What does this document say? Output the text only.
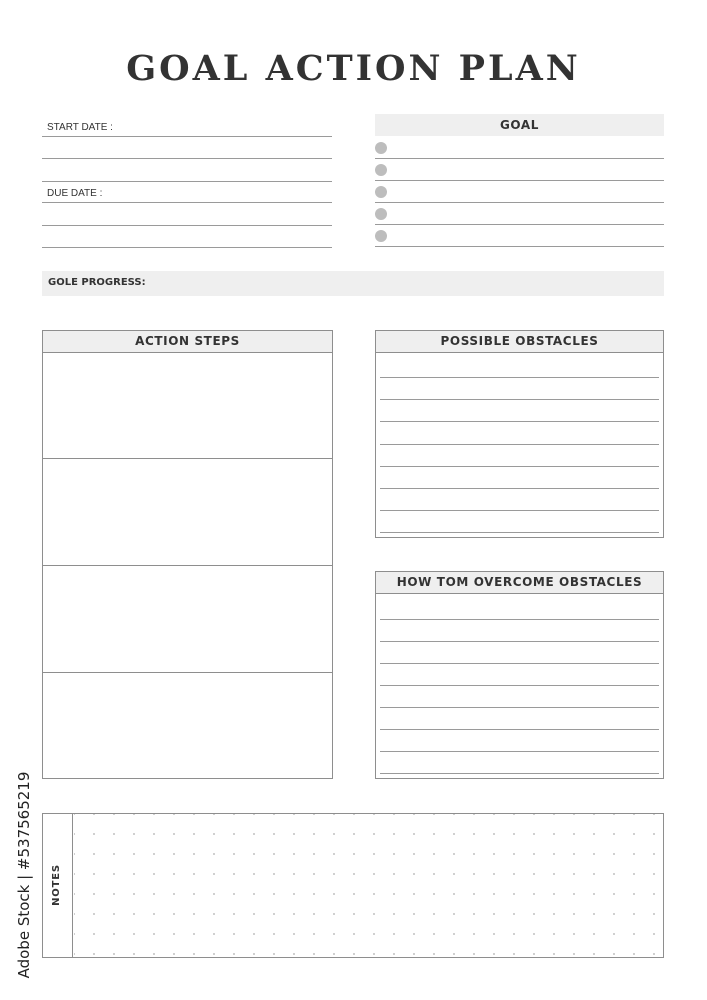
GOAL ACTION PLAN
START DATE :
DUE DATE :
GOAL
GOLE PROGRESS:
ACTION STEPS	POSSIBLE OBSTACLES
HOW TOM OVERCOME OBSTACLES
NOTES
Adobe Stock | #537565219
